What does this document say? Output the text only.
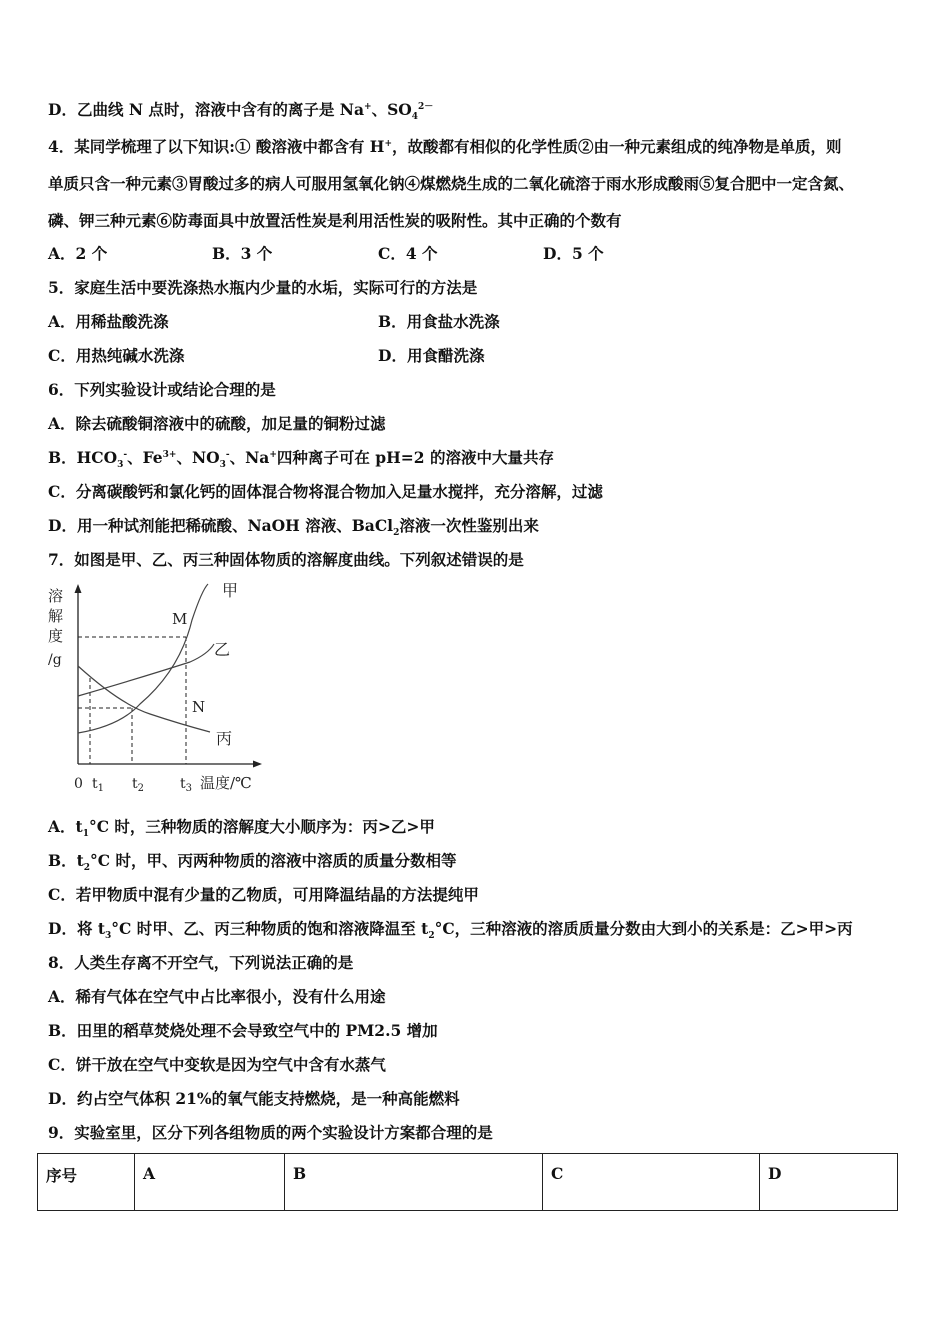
D．乙曲线 N 点时，溶液中含有的离子是 Na+、$SO_4^{2-}$
4．某同学梳理了以下知识:① 酸溶液中都含有 H+，故酸都有相似的化学性质②由一种元素组成的纯净物是单质，则
单质只含一种元素③胃酸过多的病人可服用氢氧化钠④煤燃烧生成的二氧化硫溶于雨水形成酸雨⑤复合肥中一定含氮、
磷、钾三种元素⑥防毒面具中放置活性炭是利用活性炭的吸附性。其中正确的个数有
A．2 个	B．3 个	C．4 个	D．5 个
5．家庭生活中要洗涤热水瓶内少量的水垢，实际可行的方法是
A．用稀盐酸洗涤	B．用食盐水洗涤
C．用热纯碱水洗涤	D．用食醋洗涤
6．下列实验设计或结论合理的是
A．除去硫酸铜溶液中的硫酸，加足量的铜粉过滤
B．$HCO_3^-$、$Fe^{3+}$、$NO_3^-$、Na+四种离子可在 pH=2 的溶液中大量共存
C．分离碳酸钙和氯化钙的固体混合物将混合物加入足量水搅拌，充分溶解，过滤
D．用一种试剂能把稀硫酸、NaOH 溶液、BaCl$_2$溶液一次性鉴别出来
7．如图是甲、乙、丙三种固体物质的溶解度曲线。下列叙述错误的是
溶
解
度
/g
甲
乙
丙
M
N
0 $t_1$ $t_2$	$t_3$ 温度/℃
A．$t_1^\circ C$ 时，三种物质的溶解度大小顺序为：丙>乙>甲
B．$t_2^\circ C$ 时，甲、丙两种物质的溶液中溶质的质量分数相等
C．若甲物质中混有少量的乙物质，可用降温结晶的方法提纯甲
D．将 $t_3^\circ C$ 时甲、乙、丙三种物质的饱和溶液降温至 $t_2^\circ C$，三种溶液的溶质质量分数由大到小的关系是：乙>甲>丙
8．人类生存离不开空气，下列说法正确的是
A．稀有气体在空气中占比率很小，没有什么用途
B．田里的稻草焚烧处理不会导致空气中的 PM2.5 增加
C．饼干放在空气中变软是因为空气中含有水蒸气
D．约占空气体积 21%的氧气能支持燃烧，是一种高能燃料
9．实验室里，区分下列各组物质的两个实验设计方案都合理的是
序号	A	B	C	D
